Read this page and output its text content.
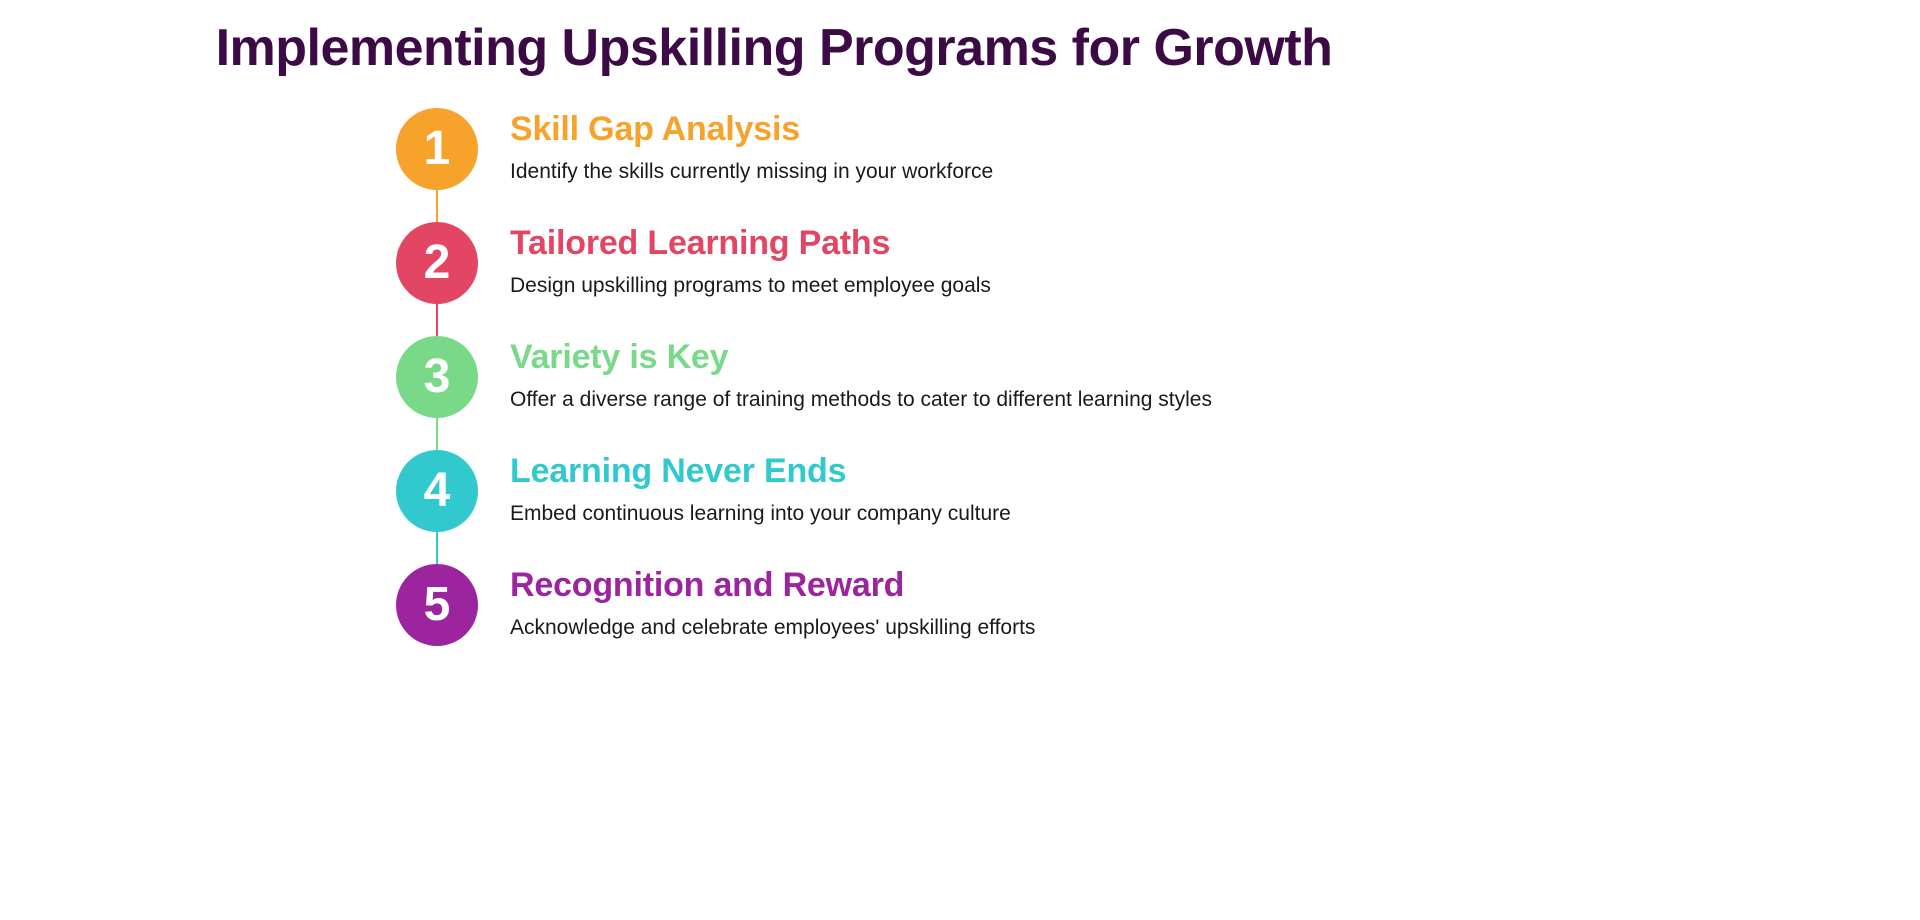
Implementing Upskilling Programs for Growth
1	Skill Gap Analysis
Identify the skills currently missing in your workforce
2	Tailored Learning Paths
Design upskilling programs to meet employee goals
3	Variety is Key
Offer a diverse range of training methods to cater to different learning styles
4	Learning Never Ends
Embed continuous learning into your company culture
5	Recognition and Reward
Acknowledge and celebrate employees' upskilling efforts
